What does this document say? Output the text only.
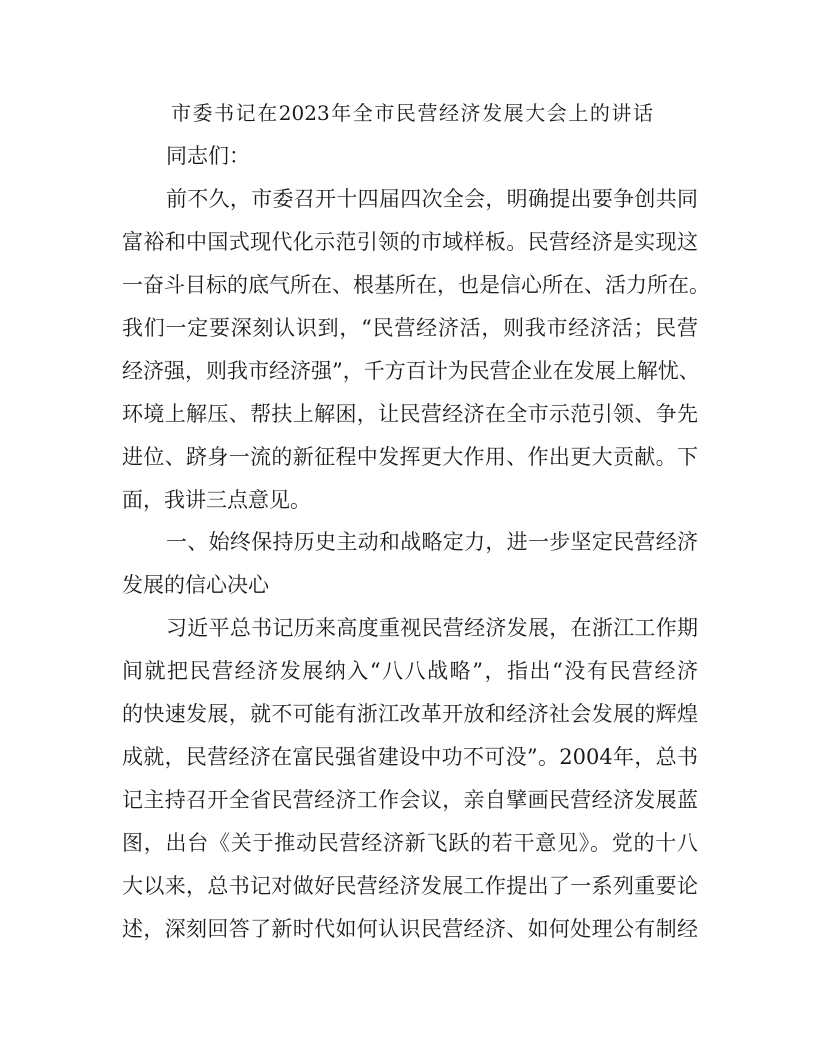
市委书记在2023年全市民营经济发展大会上的讲话
同志们：
前不久，市委召开十四届四次全会，明确提出要争创共同
富裕和中国式现代化示范引领的市域样板。民营经济是实现这
一奋斗目标的底气所在、根基所在，也是信心所在、活力所在。
我们一定要深刻认识到，“民营经济活，则我市经济活；民营
经济强，则我市经济强”，千方百计为民营企业在发展上解忧、
环境上解压、帮扶上解困，让民营经济在全市示范引领、争先
进位、跻身一流的新征程中发挥更大作用、作出更大贡献。下
面，我讲三点意见。
一、始终保持历史主动和战略定力，进一步坚定民营经济
发展的信心决心
习近平总书记历来高度重视民营经济发展，在浙江工作期
间就把民营经济发展纳入“八八战略”，指出“没有民营经济
的快速发展，就不可能有浙江改革开放和经济社会发展的辉煌
成就，民营经济在富民强省建设中功不可没”。2004年，总书
记主持召开全省民营经济工作会议，亲自擘画民营经济发展蓝
图，出台《关于推动民营经济新飞跃的若干意见》。党的十八
大以来，总书记对做好民营经济发展工作提出了一系列重要论
述，深刻回答了新时代如何认识民营经济、如何处理公有制经
